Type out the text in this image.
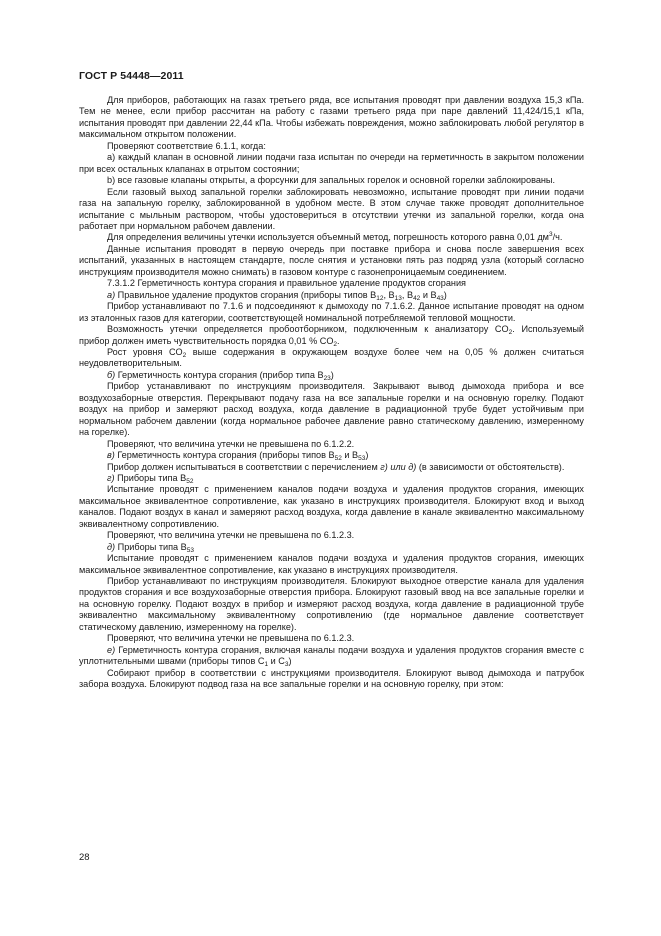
ГОСТ Р 54448—2011

Для приборов, работающих на газах третьего ряда, все испытания проводят при давлении воздуха 15,3 кПа. Тем не менее, если прибор рассчитан на работу с газами третьего ряда при паре давлений 11,424/15,1 кПа, испытания проводят при давлении 22,44 кПа. Чтобы избежать повреждения, можно заблокировать любой регулятор в максимальном открытом положении.

Проверяют соответствие 6.1.1, когда:

а) каждый клапан в основной линии подачи газа испытан по очереди на герметичность в закрытом положении при всех остальных клапанах в отрытом состоянии;

b) все газовые клапаны открыты, а форсунки для запальных горелок и основной горелки заблокированы.

Если газовый выход запальной горелки заблокировать невозможно, испытание проводят при линии подачи газа на запальную горелку, заблокированной в удобном месте. В этом случае также проводят дополнительное испытание с мыльным раствором, чтобы удостовериться в отсутствии утечки из запальной горелки, когда она работает при нормальном рабочем давлении.

Для определения величины утечки используется объемный метод, погрешность которого равна 0,01 $дм^3/ч$.

Данные испытания проводят в первую очередь при поставке прибора и снова после завершения всех испытаний, указанных в настоящем стандарте, после снятия и установки пять раз подряд узла (который согласно инструкциям производителя можно снимать) в газовом контуре с газонепроницаемым соединением.

7.3.1.2 Герметичность контура сгорания и правильное удаление продуктов сгорания

a) Правильное удаление продуктов сгорания (приборы типов $B_{12}$, $B_{13}$, $B_{42}$ и $B_{43}$)

Прибор устанавливают по 7.1.6 и подсоединяют к дымоходу по 7.1.6.2. Данное испытание проводят на одном из эталонных газов для категории, соответствующей номинальной потребляемой тепловой мощности.

Возможность утечки определяется пробоотборником, подключенным к анализатору $CO_2$. Используемый прибор должен иметь чувствительность порядка 0,01 % $CO_2$.

Рост уровня $CO_2$ выше содержания в окружающем воздухе более чем на 0,05 % должен считаться неудовлетворительным.

б) Герметичность контура сгорания (прибор типа $B_{23}$)

Прибор устанавливают по инструкциям производителя. Закрывают вывод дымохода прибора и все воздухозаборные отверстия. Перекрывают подачу газа на все запальные горелки и на основную горелку. Подают воздух на прибор и замеряют расход воздуха, когда давление в радиационной трубе будет устойчивым при нормальном рабочем давлении (когда нормальное рабочее давление равно статическому давлению, измеренному на горелке).

Проверяют, что величина утечки не превышена по 6.1.2.2.

в) Герметичность контура сгорания (приборы типов $B_{52}$ и $B_{53}$)

Прибор должен испытываться в соответствии с перечислением г) или д) (в зависимости от обстоятельств).

г) Приборы типа $B_{52}$

Испытание проводят с применением каналов подачи воздуха и удаления продуктов сгорания, имеющих максимальное эквивалентное сопротивление, как указано в инструкциях производителя. Блокируют вход и выход каналов. Подают воздух в канал и замеряют расход воздуха, когда давление в канале эквивалентно максимальному эквивалентному сопротивлению.

Проверяют, что величина утечки не превышена по 6.1.2.3.

д) Приборы типа $B_{53}$

Испытание проводят с применением каналов подачи воздуха и удаления продуктов сгорания, имеющих максимальное эквивалентное сопротивление, как указано в инструкциях производителя.

Прибор устанавливают по инструкциям производителя. Блокируют выходное отверстие канала для удаления продуктов сгорания и все воздухозаборные отверстия прибора. Блокируют газовый ввод на все запальные горелки и на основную горелку. Подают воздух в прибор и измеряют расход воздуха, когда давление в радиационной трубе эквивалентно максимальному эквивалентному сопротивлению (где нормальное давление соответствует статическому давлению, измеренному на горелке).

Проверяют, что величина утечки не превышена по 6.1.2.3.

е) Герметичность контура сгорания, включая каналы подачи воздуха и удаления продуктов сгорания вместе с уплотнительными швами (приборы типов $C_1$ и $C_3$)

Собирают прибор в соответствии с инструкциями производителя. Блокируют вывод дымохода и патрубок забора воздуха. Блокируют подвод газа на все запальные горелки и на основную горелку, при этом:

28
